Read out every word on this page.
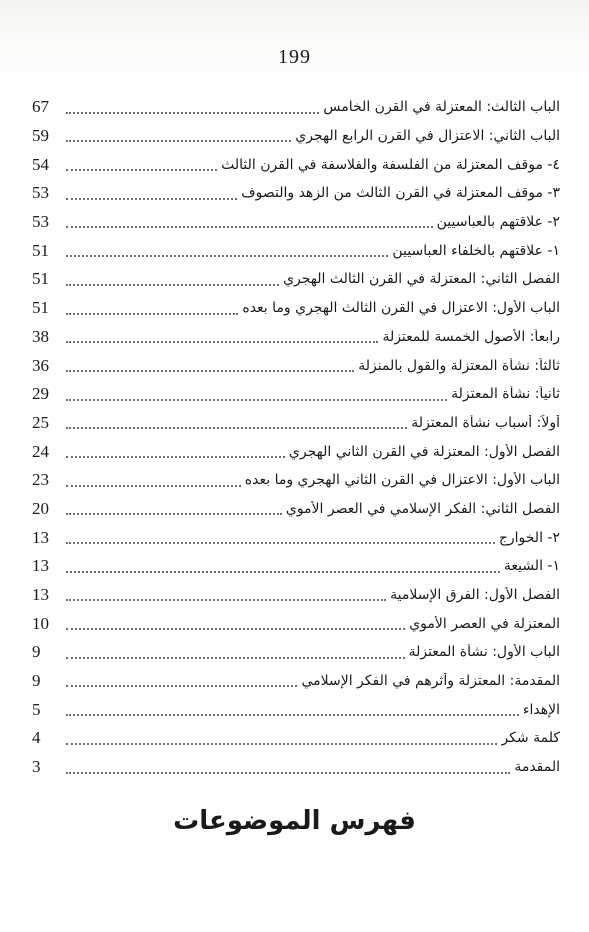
199
67	الباب الثالث: المعتزلة في القرن الخامس
59	الباب الثاني: الاعتزال في القرن الرابع الهجري
54	٤- موقف المعتزلة من الفلسفة والفلاسفة في القرن الثالث
53	٣- موقف المعتزلة في القرن الثالث من الزهد والتصوف
53	٢- علاقتهم بالعباسيين
51	١- علاقتهم بالخلفاء العباسيين
51	الفصل الثاني: المعتزلة في القرن الثالث الهجري
51	الباب الأول: الاعتزال في القرن الثالث الهجري وما بعده
38	رابعاً: الأصول الخمسة للمعتزلة
36	ثالثاً: نشأة المعتزلة والقول بالمنزلة
29	ثانياً: نشأة المعتزلة
25	أولاً: أسباب نشأة المعتزلة
24	الفصل الأول: المعتزلة في القرن الثاني الهجري
23	الباب الأول: الاعتزال في القرن الثاني الهجري وما بعده
20	الفصل الثاني: الفكر الإسلامي في العصر الأموي
13	٢- الخوارج
13	١- الشيعة
13	الفصل الأول: الفرق الإسلامية
10	المعتزلة في العصر الأموي
9	الباب الأول: نشأة المعتزلة
9	المقدمة: المعتزلة وأثرهم في الفكر الإسلامي
5	الإهداء
4	كلمة شكر
3	المقدمة
فهرس الموضوعات
